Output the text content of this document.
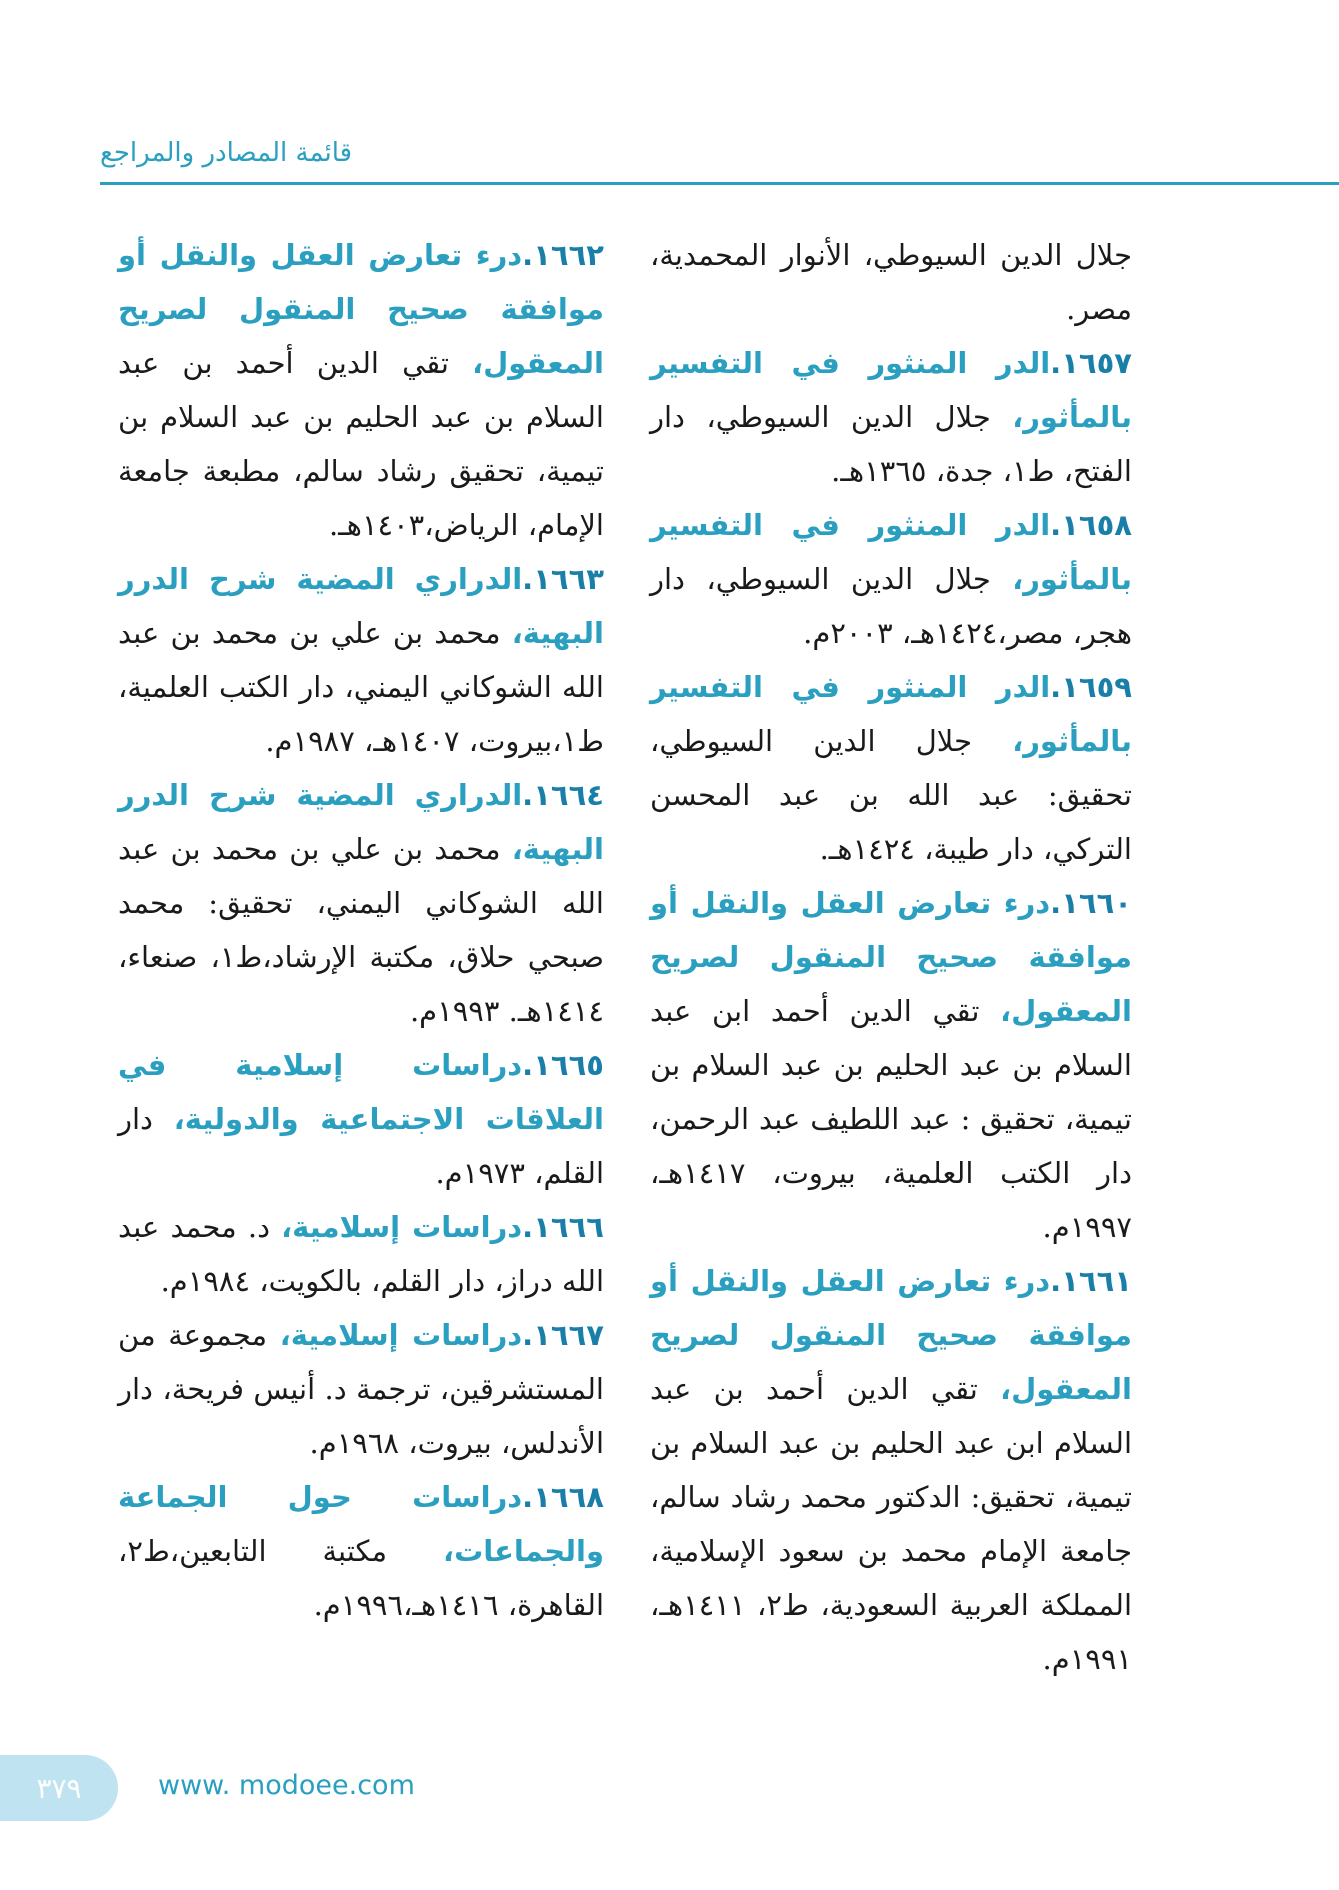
قائمة المصادر والمراجع

جلال الدين السيوطي، الأنوار المحمدية، مصر.

١٦٥٧.الدر المنثور في التفسير بالمأثور، جلال الدين السيوطي، دار الفتح، ط١، جدة، ١٣٦٥هـ.

١٦٥٨.الدر المنثور في التفسير بالمأثور، جلال الدين السيوطي، دار هجر، مصر،١٤٢٤هـ، ٢٠٠٣م.

١٦٥٩.الدر المنثور في التفسير بالمأثور، جلال الدين السيوطي، تحقيق: عبد الله بن عبد المحسن التركي، دار طيبة، ١٤٢٤هـ.

١٦٦٠.درء تعارض العقل والنقل أو موافقة صحيح المنقول لصريح المعقول، تقي الدين أحمد ابن عبد السلام بن عبد الحليم بن عبد السلام بن تيمية، تحقيق : عبد اللطيف عبد الرحمن، دار الكتب العلمية، بيروت، ١٤١٧هـ، ١٩٩٧م.

١٦٦١.درء تعارض العقل والنقل أو موافقة صحيح المنقول لصريح المعقول، تقي الدين أحمد بن عبد السلام ابن عبد الحليم بن عبد السلام بن تيمية، تحقيق: الدكتور محمد رشاد سالم، جامعة الإمام محمد بن سعود الإسلامية، المملكة العربية السعودية، ط٢، ١٤١١هـ، ١٩٩١م.

١٦٦٢.درء تعارض العقل والنقل أو موافقة صحيح المنقول لصريح المعقول، تقي الدين أحمد بن عبد السلام بن عبد الحليم بن عبد السلام بن تيمية، تحقيق رشاد سالم، مطبعة جامعة الإمام، الرياض،١٤٠٣هـ.

١٦٦٣.الدراري المضية شرح الدرر البهية، محمد بن علي بن محمد بن عبد الله الشوكاني اليمني، دار الكتب العلمية، ط١،بيروت، ١٤٠٧هـ، ١٩٨٧م.

١٦٦٤.الدراري المضية شرح الدرر البهية، محمد بن علي بن محمد بن عبد الله الشوكاني اليمني، تحقيق: محمد صبحي حلاق، مكتبة الإرشاد،ط١، صنعاء، ١٤١٤هـ. ١٩٩٣م.

١٦٦٥.دراسات إسلامية في العلاقات الاجتماعية والدولية، دار القلم، ١٩٧٣م.

١٦٦٦.دراسات إسلامية، د. محمد عبد الله دراز، دار القلم، بالكويت، ١٩٨٤م.

١٦٦٧.دراسات إسلامية، مجموعة من المستشرقين، ترجمة د. أنيس فريحة، دار الأندلس، بيروت، ١٩٦٨م.

١٦٦٨.دراسات حول الجماعة والجماعات، مكتبة التابعين،ط٢، القاهرة، ١٤١٦هـ،١٩٩٦م.

٣٧٩	www. modoee.com
